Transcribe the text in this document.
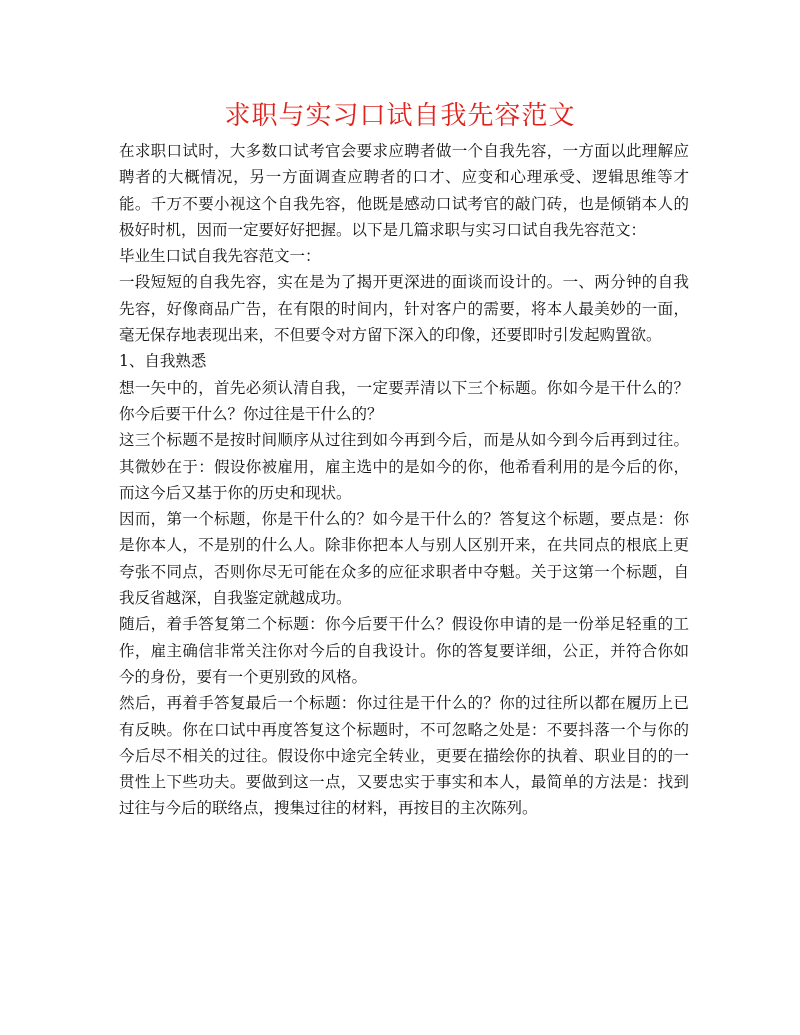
求职与实习口试自我先容范文

在求职口试时，大多数口试考官会要求应聘者做一个自我先容，一方面以此理解应聘者的大概情况，另一方面调查应聘者的口才、应变和心理承受、逻辑思维等才能。千万不要小视这个自我先容，他既是感动口试考官的敲门砖，也是倾销本人的极好时机，因而一定要好好把握。以下是几篇求职与实习口试自我先容范文：

毕业生口试自我先容范文一：

一段短短的自我先容，实在是为了揭开更深进的面谈而设计的。一、两分钟的自我先容，好像商品广告，在有限的时间内，针对客户的需要，将本人最美妙的一面，毫无保存地表现出来，不但要令对方留下深入的印像，还要即时引发起购置欲。

1、自我熟悉

想一矢中的，首先必须认清自我，一定要弄清以下三个标题。你如今是干什么的？你今后要干什么？你过往是干什么的？

这三个标题不是按时间顺序从过往到如今再到今后，而是从如今到今后再到过往。其微妙在于：假设你被雇用，雇主选中的是如今的你，他希看利用的是今后的你，而这今后又基于你的历史和现状。

因而，第一个标题，你是干什么的？如今是干什么的？答复这个标题，要点是：你是你本人，不是别的什么人。除非你把本人与别人区别开来，在共同点的根底上更夸张不同点，否则你尽无可能在众多的应征求职者中夺魁。关于这第一个标题，自我反省越深，自我鉴定就越成功。

随后，着手答复第二个标题：你今后要干什么？假设你申请的是一份举足轻重的工作，雇主确信非常关注你对今后的自我设计。你的答复要详细，公正，并符合你如今的身份，要有一个更别致的风格。

然后，再着手答复最后一个标题：你过往是干什么的？你的过往所以都在履历上已有反映。你在口试中再度答复这个标题时，不可忽略之处是：不要抖落一个与你的今后尽不相关的过往。假设你中途完全转业，更要在描绘你的执着、职业目的的一贯性上下些功夫。要做到这一点，又要忠实于事实和本人，最简单的方法是：找到过往与今后的联络点，搜集过往的材料，再按目的主次陈列。
